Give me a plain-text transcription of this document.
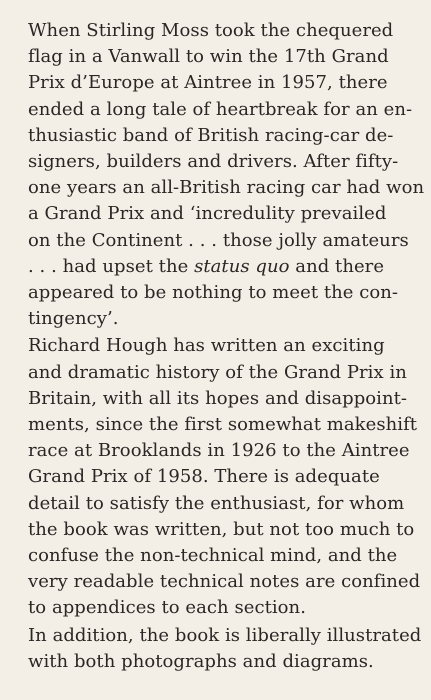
When Stirling Moss took the chequered
flag in a Vanwall to win the 17th Grand
Prix d’Europe at Aintree in 1957, there
ended a long tale of heartbreak for an en-
thusiastic band of British racing-car de-
signers, builders and drivers. After fifty-
one years an all-British racing car had won
a Grand Prix and ‘incredulity prevailed
on the Continent . . . those jolly amateurs
. . . had upset the status quo and there
appeared to be nothing to meet the con-
tingency’.
Richard Hough has written an exciting
and dramatic history of the Grand Prix in
Britain, with all its hopes and disappoint-
ments, since the first somewhat makeshift
race at Brooklands in 1926 to the Aintree
Grand Prix of 1958. There is adequate
detail to satisfy the enthusiast, for whom
the book was written, but not too much to
confuse the non-technical mind, and the
very readable technical notes are confined
to appendices to each section.
In addition, the book is liberally illustrated
with both photographs and diagrams.
